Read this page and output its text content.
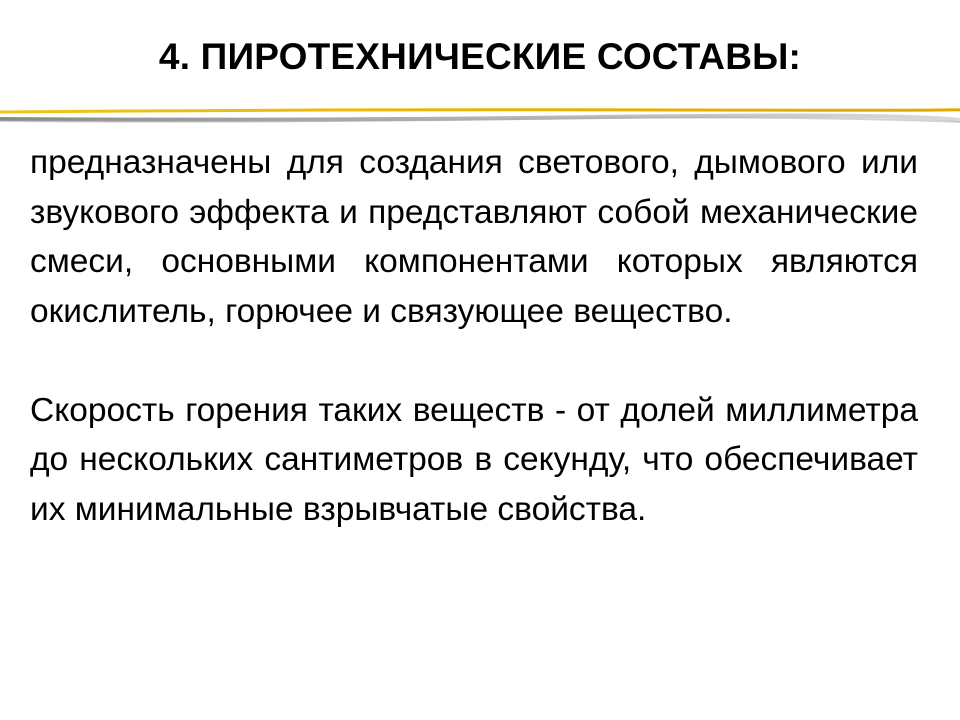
4. ПИРОТЕХНИЧЕСКИЕ СОСТАВЫ:

предназначены для создания светового, дымового или звукового эффекта и представляют собой механические смеси, основными компонентами которых являются окислитель, горючее и связующее вещество.

Скорость горения таких веществ - от долей миллиметра до нескольких сантиметров в секунду, что обеспечивает их минимальные взрывчатые свойства.
